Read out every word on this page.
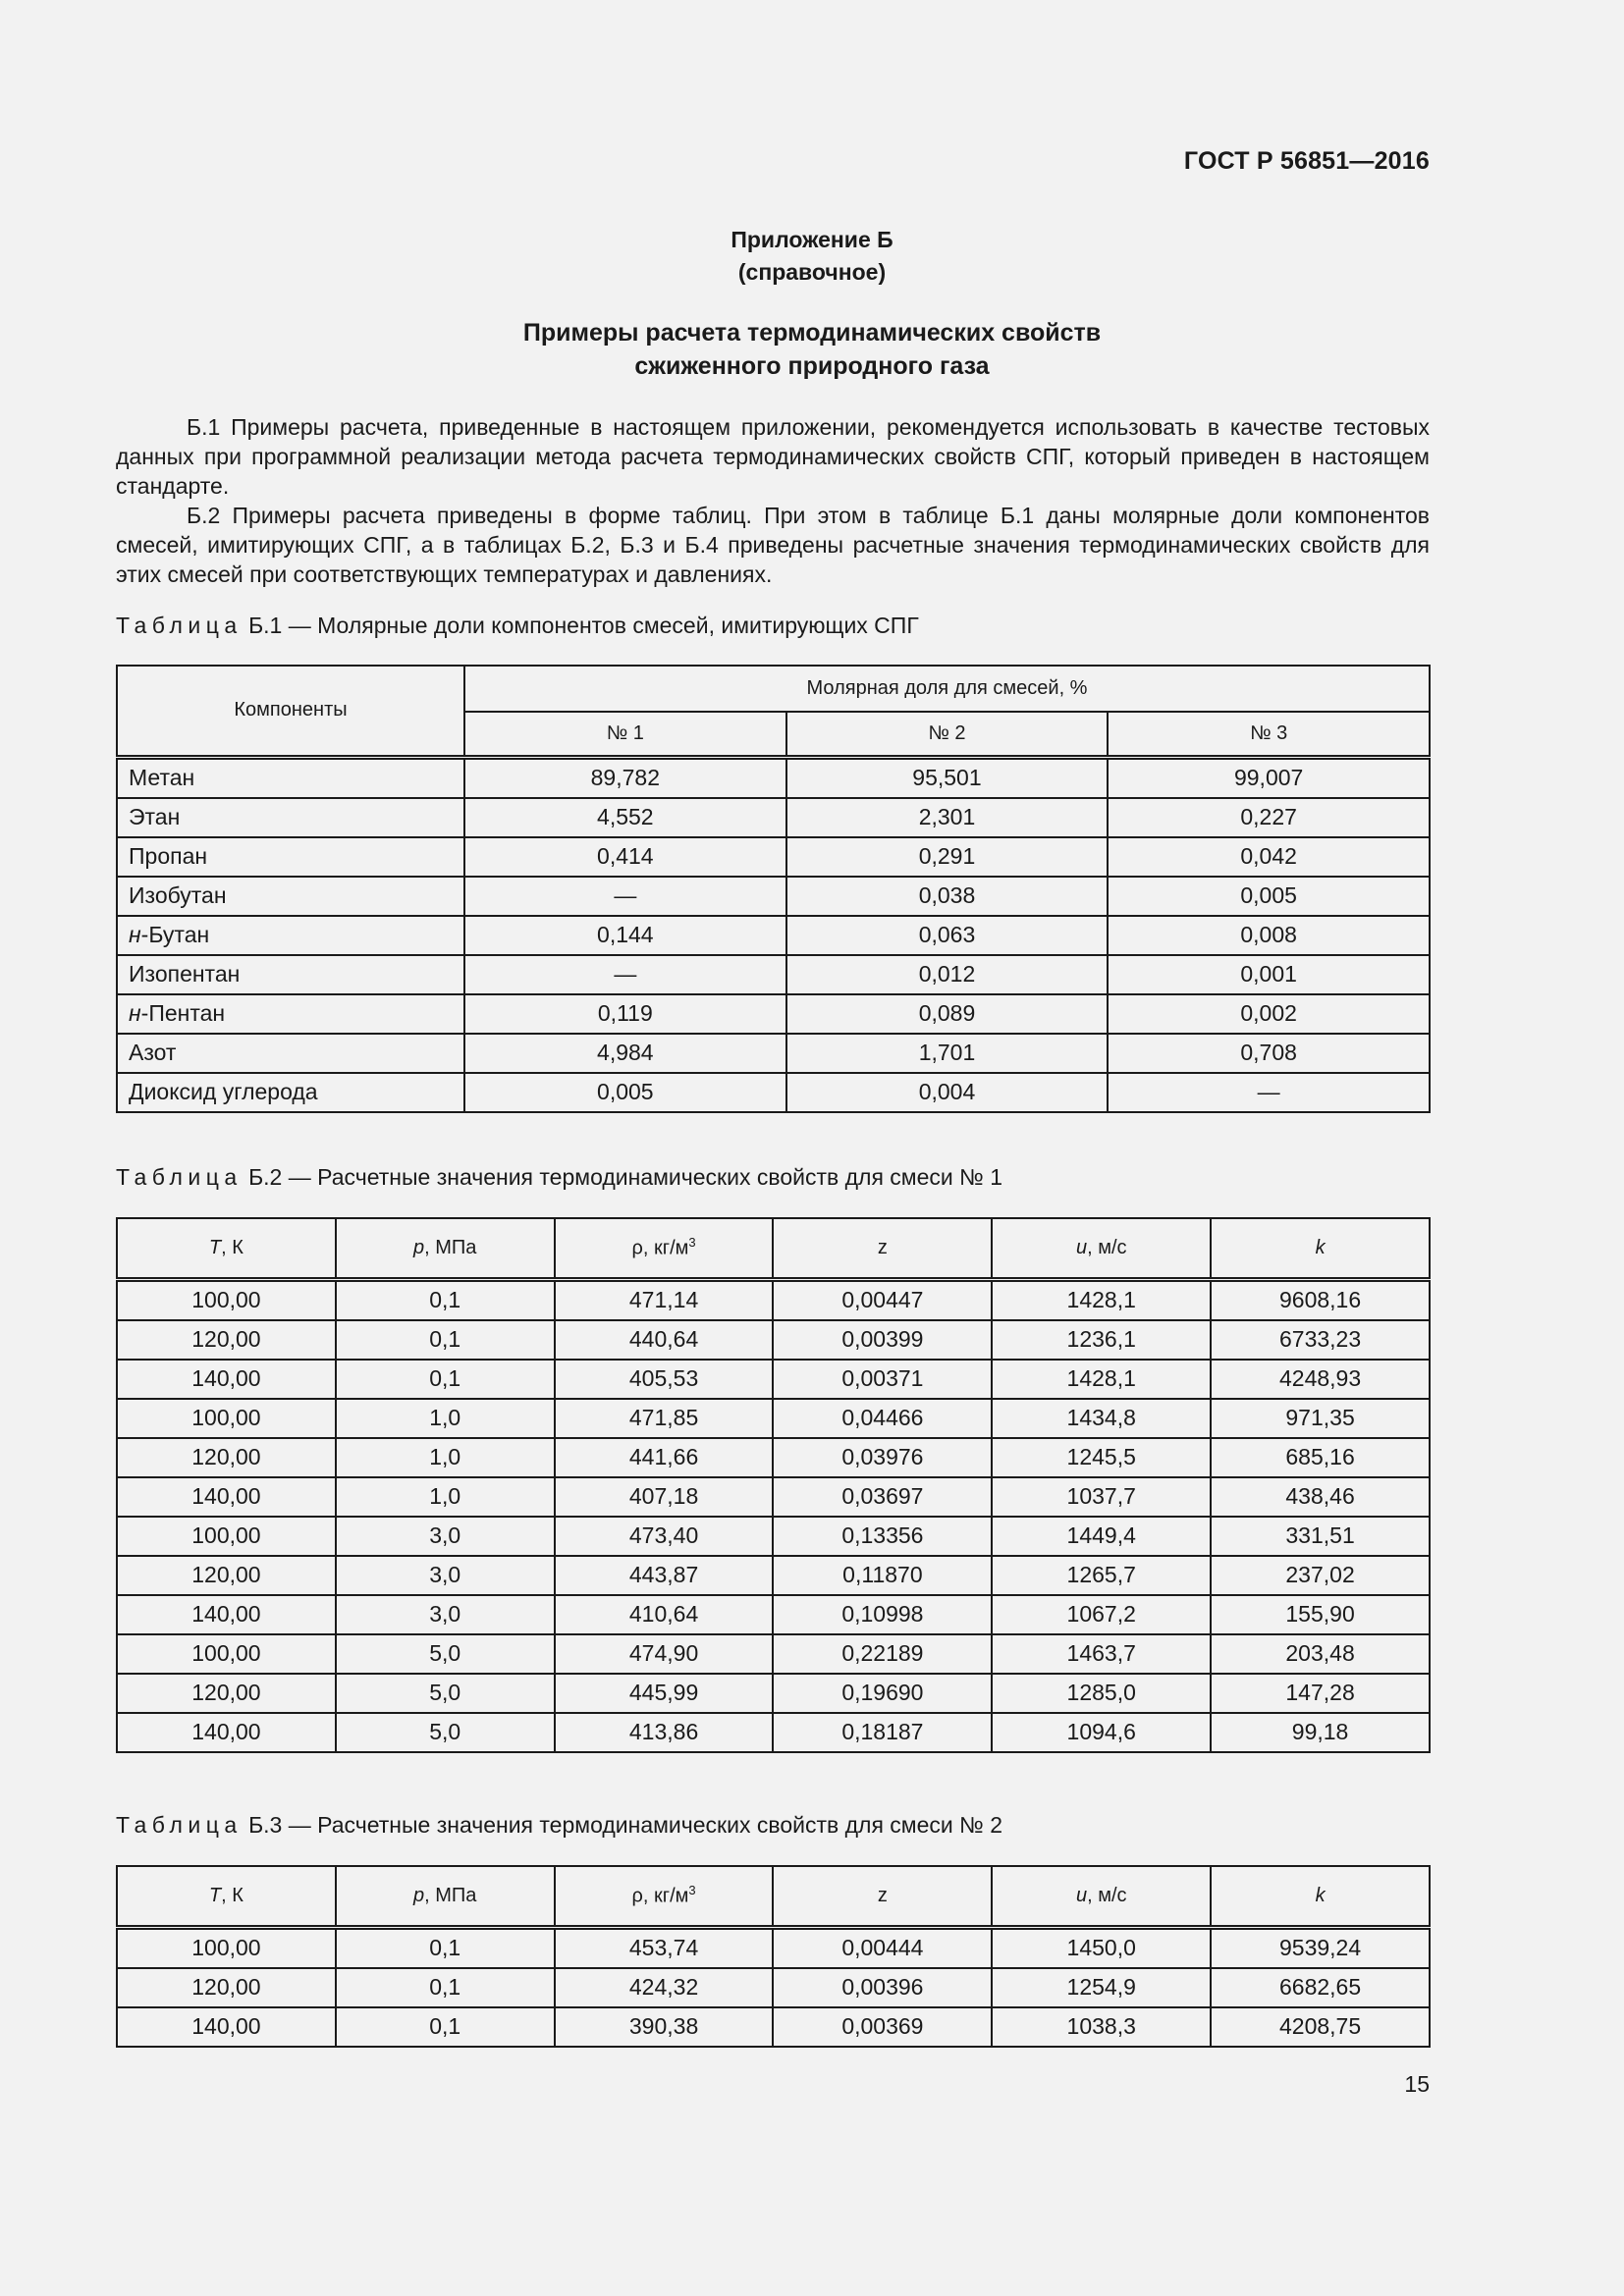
ГОСТ Р 56851—2016
Приложение Б
(справочное)
Примеры расчета термодинамических свойств
сжиженного природного газа

Б.1 Примеры расчета, приведенные в настоящем приложении, рекомендуется использовать в качестве тестовых данных при программной реализации метода расчета термодинамических свойств СПГ, который приведен в настоящем стандарте.

Б.2 Примеры расчета приведены в форме таблиц. При этом в таблице Б.1 даны молярные доли компонентов смесей, имитирующих СПГ, а в таблицах Б.2, Б.3 и Б.4 приведены расчетные значения термодинамических свойств для этих смесей при соответствующих температурах и давлениях.

Таблица Б.1 — Молярные доли компонентов смесей, имитирующих СПГ
Компоненты	Молярная доля для смесей, %		
	№ 1	№ 2	№ 3
Метан	89,782	95,501	99,007
Этан	4,552	2,301	0,227
Пропан	0,414	0,291	0,042
Изобутан	—	0,038	0,005
н-Бутан	0,144	0,063	0,008
Изопентан	—	0,012	0,001
н-Пентан	0,119	0,089	0,002
Азот	4,984	1,701	0,708
Диоксид углерода	0,005	0,004	—
Таблица Б.2 — Расчетные значения термодинамических свойств для смеси № 1
T, К	p, МПа	ρ, $кг/м^3$	z	u, м/с	k
100,00	0,1	471,14	0,00447	1428,1	9608,16
120,00	0,1	440,64	0,00399	1236,1	6733,23
140,00	0,1	405,53	0,00371	1428,1	4248,93
100,00	1,0	471,85	0,04466	1434,8	971,35
120,00	1,0	441,66	0,03976	1245,5	685,16
140,00	1,0	407,18	0,03697	1037,7	438,46
100,00	3,0	473,40	0,13356	1449,4	331,51
120,00	3,0	443,87	0,11870	1265,7	237,02
140,00	3,0	410,64	0,10998	1067,2	155,90
100,00	5,0	474,90	0,22189	1463,7	203,48
120,00	5,0	445,99	0,19690	1285,0	147,28
140,00	5,0	413,86	0,18187	1094,6	99,18
Таблица Б.3 — Расчетные значения термодинамических свойств для смеси № 2
T, К	p, МПа	ρ, $кг/м^3$	z	u, м/с	k
100,00	0,1	453,74	0,00444	1450,0	9539,24
120,00	0,1	424,32	0,00396	1254,9	6682,65
140,00	0,1	390,38	0,00369	1038,3	4208,75
15
